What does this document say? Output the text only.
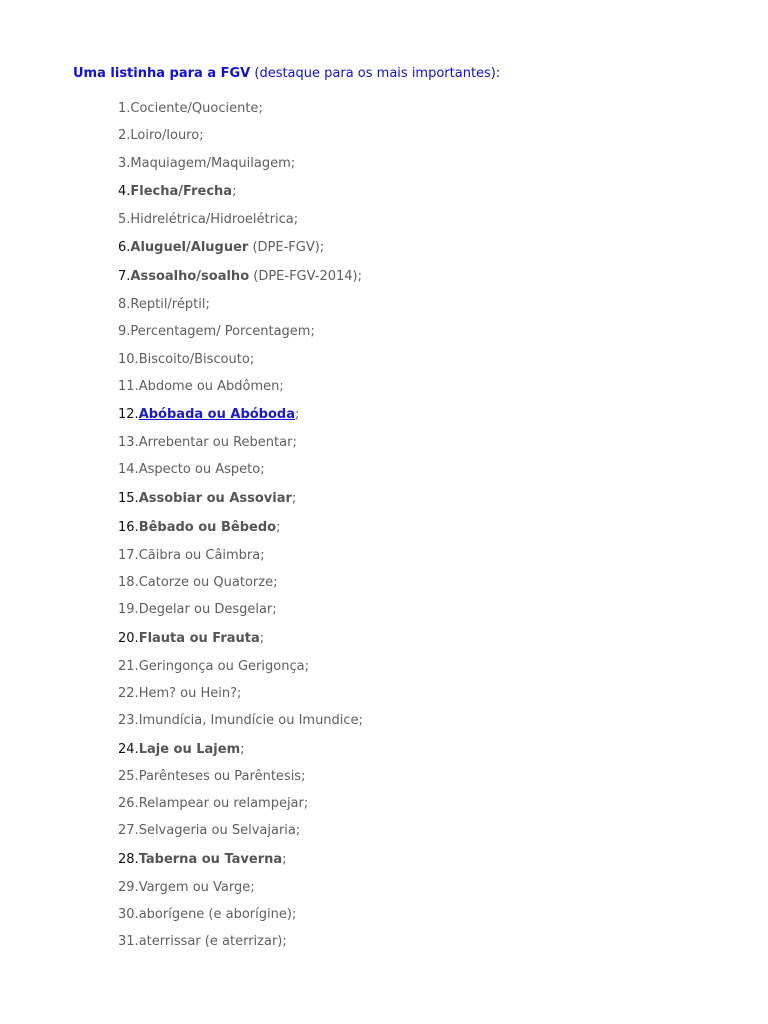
Uma listinha para a FGV (destaque para os mais importantes):
1.Cociente/Quociente;
2.Loiro/louro;
3.Maquiagem/Maquilagem;
4.Flecha/Frecha;
5.Hidrelétrica/Hidroelétrica;
6.Aluguel/Aluguer (DPE-FGV);
7.Assoalho/soalho (DPE-FGV-2014);
8.Reptil/réptil;
9.Percentagem/ Porcentagem;
10.Biscoito/Biscouto;
11.Abdome ou Abdômen;
12.Abóbada ou Abóboda;
13.Arrebentar ou Rebentar;
14.Aspecto ou Aspeto;
15.Assobiar ou Assoviar;
16.Bêbado ou Bêbedo;
17.Cãibra ou Câimbra;
18.Catorze ou Quatorze;
19.Degelar ou Desgelar;
20.Flauta ou Frauta;
21.Geringonça ou Gerigonça;
22.Hem? ou Hein?;
23.Imundícia, Imundície ou Imundice;
24.Laje ou Lajem;
25.Parênteses ou Parêntesis;
26.Relampear ou relampejar;
27.Selvageria ou Selvajaria;
28.Taberna ou Taverna;
29.Vargem ou Varge;
30.aborígene (e aborígine);
31.aterrissar (e aterrizar);
